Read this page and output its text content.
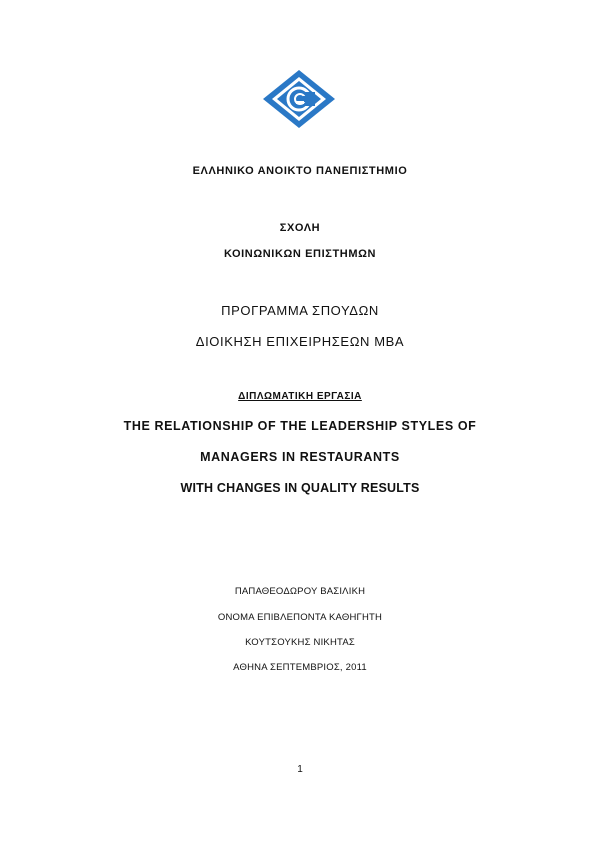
ΕΛΛΗΝΙΚΟ ΑΝΟΙΚΤΟ ΠΑΝΕΠΙΣΤΗΜΙΟ
ΣΧΟΛΗ
ΚΟΙΝΩΝΙΚΩΝ ΕΠΙΣΤΗΜΩΝ
ΠΡΟΓΡΑΜΜΑ ΣΠΟΥΔΩΝ
ΔΙΟΙΚΗΣΗ ΕΠΙΧΕΙΡΗΣΕΩΝ MBA
ΔΙΠΛΩΜΑΤΙΚΗ ΕΡΓΑΣΙΑ
THE RELATIONSHIP OF THE LEADERSHIP STYLES OF
MANAGERS IN RESTAURANTS
WITH CHANGES IN QUALITY RESULTS
ΠΑΠΑΘΕΟΔΩΡΟΥ ΒΑΣΙΛΙΚΗ
ΟΝΟΜΑ ΕΠΙΒΛΕΠΟΝΤΑ ΚΑΘΗΓΗΤΗ
ΚΟΥΤΣΟΥΚΗΣ ΝΙΚΗΤΑΣ
ΑΘΗΝΑ ΣΕΠΤΕΜΒΡΙΟΣ, 2011
1
